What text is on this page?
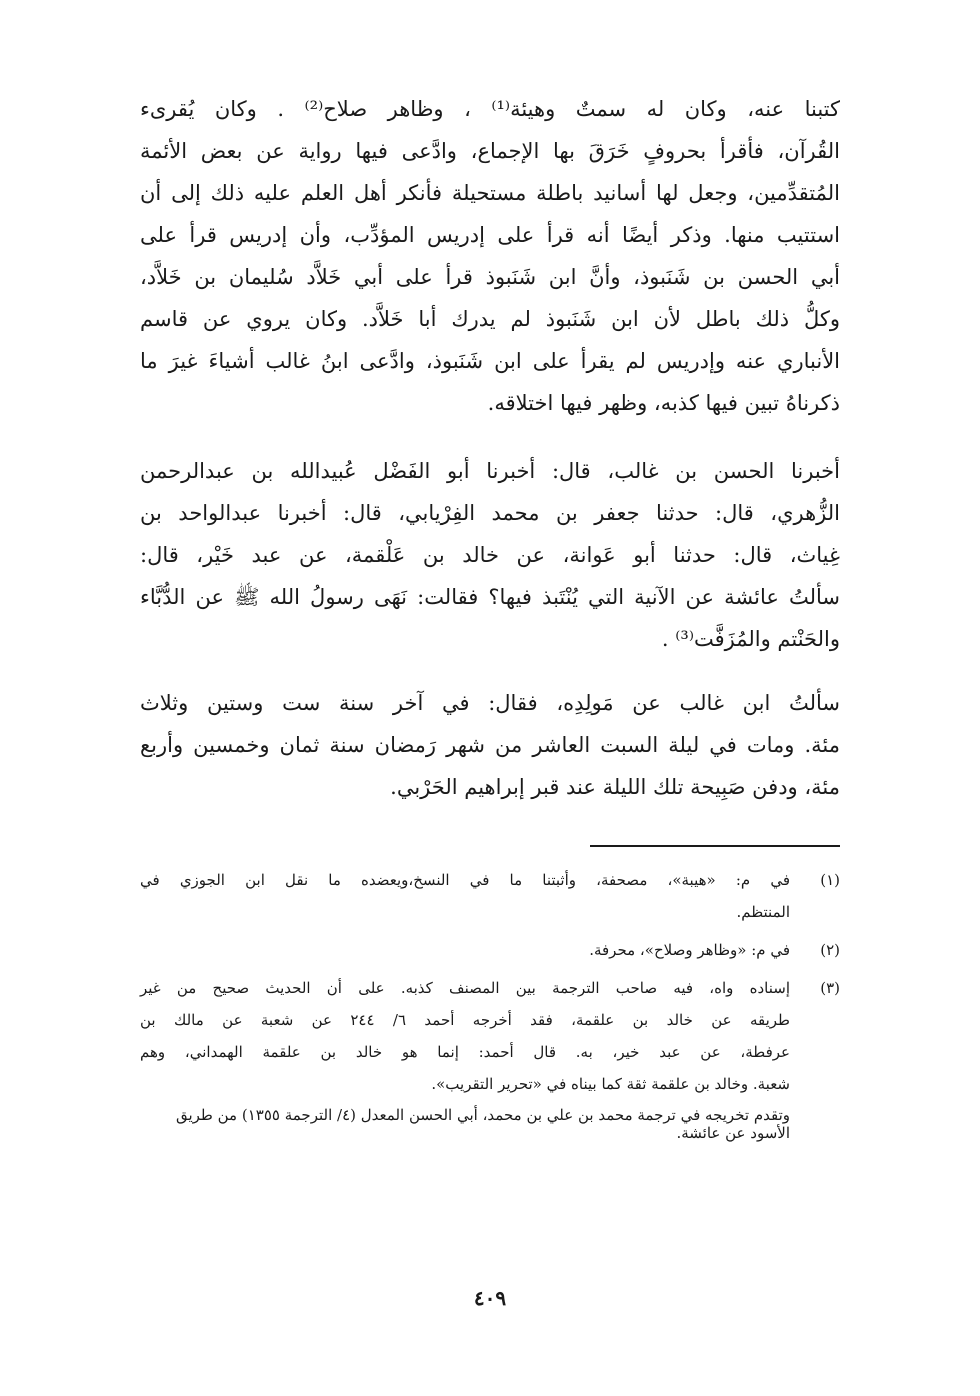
كتبنا عنه، وكان له سمتٌ وهيئة⁽¹⁾ ، وظاهر صلاح⁽²⁾ . وكان يُقرىء
القُرآن، فأقرأ بحروفٍ خَرَقَ بها الإجماع، وادَّعى فيها رواية عن بعض الأئمة
المُتقدِّمين، وجعل لها أسانيد باطلة مستحيلة فأنكر أهل العلم عليه ذلك إلى أن
استتيب منها. وذكر أيضًا أنه قرأ على إدريس المؤدِّب، وأن إدريس قرأ على
أبي الحسن بن شَنَبوذ، وأنَّ ابن شَنَبوذ قرأ على أبي خَلاَّد سُليمان بن خَلاَّد،
وكلُّ ذلك باطل لأن ابن شَنَبوذ لم يدرك أبا خَلاَّد. وكان يروي عن قاسم
الأنباري عنه وإدريس لم يقرأ على ابن شَنَبوذ، وادَّعى ابنُ غالب أشياءَ غيرَ ما
ذكرناهُ تبين فيها كذبه، وظهر فيها اختلاقه.
أخبرنا الحسن بن غالب، قال: أخبرنا أبو الفَضْل عُبيدالله بن عبدالرحمن
الزُّهري، قال: حدثنا جعفر بن محمد الفِرْيابي، قال: أخبرنا عبدالواحد بن
غِياث، قال: حدثنا أبو عَوانة، عن خالد بن عَلْقمة، عن عبد خَيْر، قال:
سألتُ عائشة عن الآنية التي يُنْتَبذ فيها؟ فقالت: نَهَى رسولُ الله ﷺ عن الدُّبَّاء
والحَنْتم والمُزَفَّت⁽³⁾ .
سألتُ ابن غالب عن مَولِدِه، فقال: في آخر سنة ست وستين وثلاث
مئة. ومات في ليلة السبت العاشر من شهر رَمضان سنة ثمان وخمسين وأربع
مئة، ودفن صَبِيحة تلك الليلة عند قبر إبراهيم الحَرْبي.
(١)
في م: «هيبة»، مصحفة، وأثبتنا ما في النسخ،ويعضده ما نقل ابن الجوزي في
المنتظم.
(٢)
في م: «وظاهر وصلاح»، محرفة.
(٣)
إسناده واه، فيه صاحب الترجمة بين المصنف كذبه. على أن الحديث صحيح من غير
طريقه عن خالد بن علقمة، فقد أخرجه أحمد ٦/ ٢٤٤ عن شعبة عن مالك بن
عرفطة، عن عبد خير، به. قال أحمد: إنما هو خالد بن علقمة الهمداني، وهم
شعبة. وخالد بن علقمة ثقة كما بيناه في «تحرير التقريب».
وتقدم تخريجه في ترجمة محمد بن علي بن محمد، أبي الحسن المعدل (٤/ الترجمة ١٣٥٥) من طريق الأسود عن عائشة.
٤٠٩
